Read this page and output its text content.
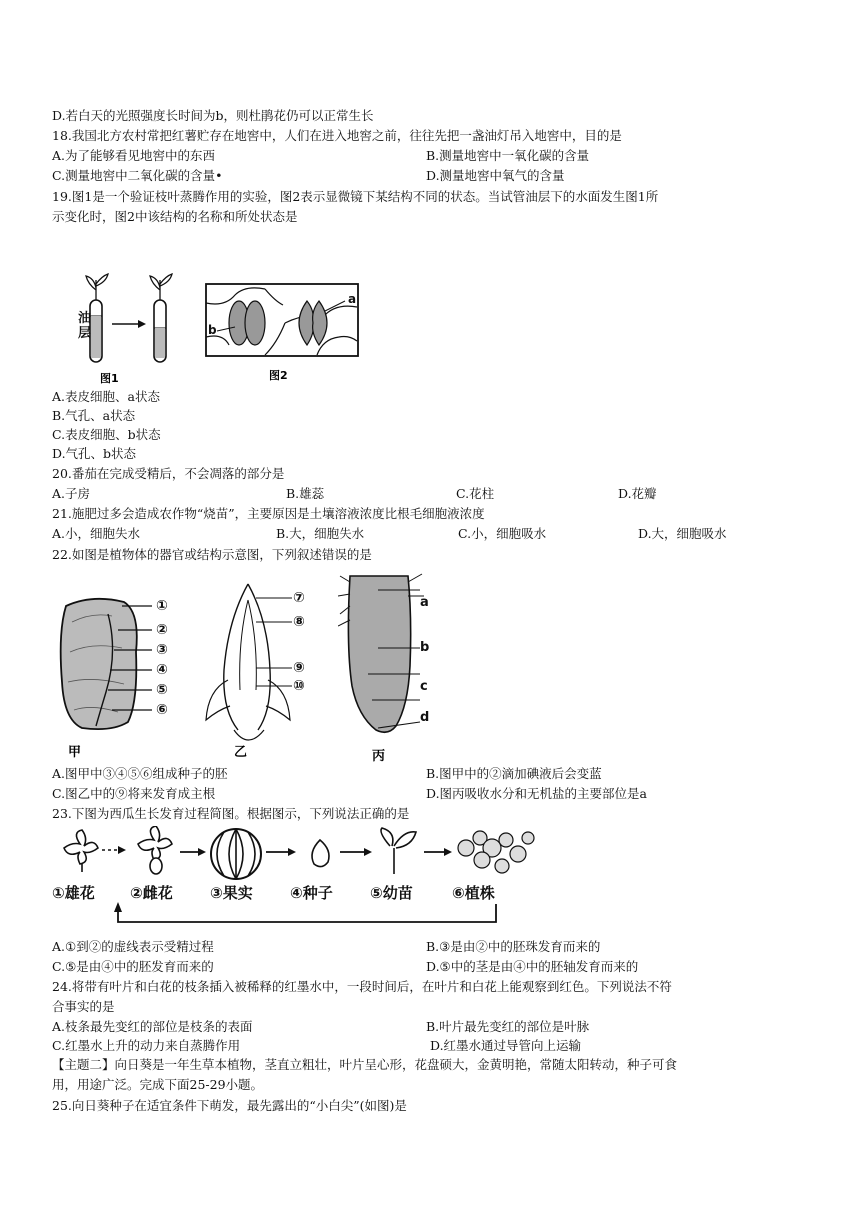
D.若白天的光照强度长时间为b，则杜鹃花仍可以正常生长
18.我国北方农村常把红薯贮存在地窖中，人们在进入地窖之前，往往先把一盏油灯吊入地窖中，目的是
A.为了能够看见地窖中的东西	B.测量地窖中一氧化碳的含量
C.测量地窖中二氧化碳的含量•	D.测量地窖中氧气的含量
19.图1是一个验证枝叶蒸腾作用的实验，图2表示显微镜下某结构不同的状态。当试管油层下的水面发生图1所
示变化时，图2中该结构的名称和所处状态是
图1
油
层
图2
a
b
A.表皮细胞、a状态
B.气孔、a状态
C.表皮细胞、b状态
D.气孔、b状态
20.番茄在完成受精后，不会凋落的部分是
A.子房	B.雄蕊	C.花柱	D.花瓣
21.施肥过多会造成农作物“烧苗”，主要原因是土壤溶液浓度比根毛细胞液浓度
A.小，细胞失水	B.大，细胞失水	C.小，细胞吸水	D.大，细胞吸水
22.如图是植物体的器官或结构示意图，下列叙述错误的是
甲
①
②
③
④
⑤
⑥
乙
⑦
⑧
⑨
⑩
丙
a
b
c
d
A.图甲中③④⑤⑥组成种子的胚	B.图甲中的②滴加碘液后会变蓝
C.图乙中的⑨将来发育成主根	D.图丙吸收水分和无机盐的主要部位是a
23.下图为西瓜生长发育过程简图。根据图示，下列说法正确的是
①雄花 ②雌花 ③果实 ④种子 ⑤幼苗	⑥植株
A.①到②的虚线表示受精过程	B.③是由②中的胚珠发育而来的
C.⑤是由④中的胚发育而来的	D.⑤中的茎是由④中的胚轴发育而来的
24.将带有叶片和白花的枝条插入被稀释的红墨水中，一段时间后，在叶片和白花上能观察到红色。下列说法不符
合事实的是
A.枝条最先变红的部位是枝条的表面	B.叶片最先变红的部位是叶脉
C.红墨水上升的动力来自蒸腾作用	D.红墨水通过导管向上运输
【主题二】向日葵是一年生草本植物，茎直立粗壮，叶片呈心形，花盘硕大，金黄明艳，常随太阳转动，种子可食
用，用途广泛。完成下面25-29小题。
25.向日葵种子在适宜条件下萌发，最先露出的“小白尖”(如图)是
